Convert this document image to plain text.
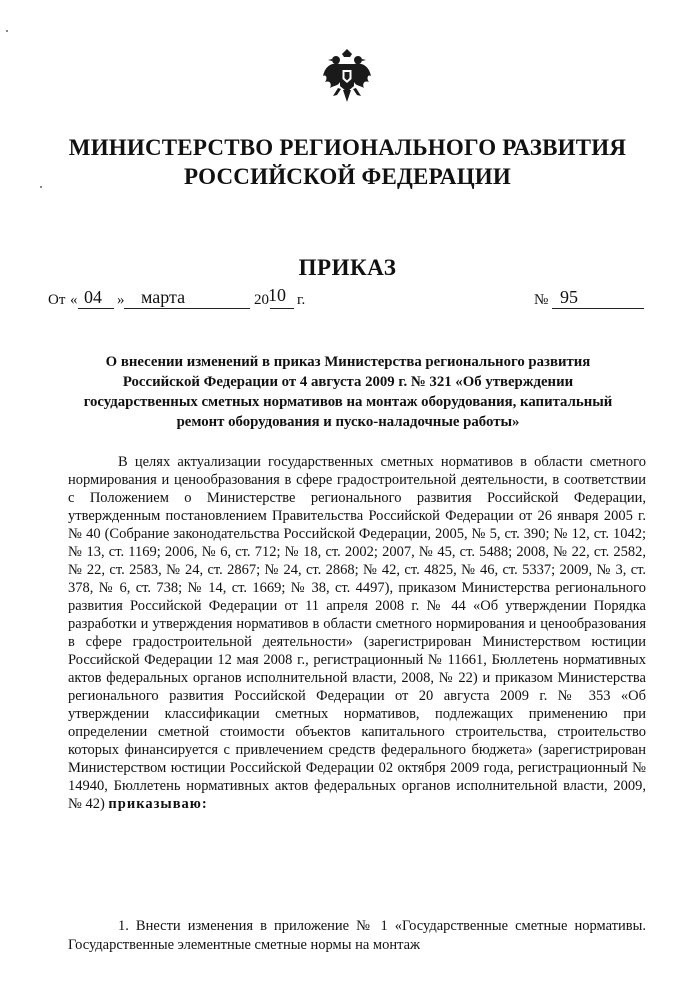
МИНИСТЕРСТВО РЕГИОНАЛЬНОГО РАЗВИТИЯ
РОССИЙСКОЙ ФЕДЕРАЦИИ
ПРИКАЗ
От « 04 » марта	20 10 г.	№ 95
О внесении изменений в приказ Министерства регионального развития Российской Федерации от 4 августа 2009 г. № 321 «Об утверждении государственных сметных нормативов на монтаж оборудования, капитальный ремонт оборудования и пуско-наладочные работы»
В целях актуализации государственных сметных нормативов в области сметного нормирования и ценообразования в сфере градостроительной деятельности, в соответствии с Положением о Министерстве регионального развития Российской Федерации, утвержденным постановлением Правительства Российской Федерации от 26 января 2005 г. № 40 (Собрание законодательства Российской Федерации, 2005, № 5, ст. 390; № 12, ст. 1042; № 13, ст. 1169; 2006, № 6, ст. 712; № 18, ст. 2002; 2007, № 45, ст. 5488; 2008, № 22, ст. 2582, № 22, ст. 2583, № 24, ст. 2867; № 24, ст. 2868; № 42, ст. 4825, № 46, ст. 5337; 2009, № 3, ст. 378, № 6, ст. 738; № 14, ст. 1669; № 38, ст. 4497), приказом Министерства регионального развития Российской Федерации от 11 апреля 2008 г. № 44 «Об утверждении Порядка разработки и утверждения нормативов в области сметного нормирования и ценообразования в сфере градостроительной деятельности» (зарегистрирован Министерством юстиции Российской Федерации 12 мая 2008 г., регистрационный № 11661, Бюллетень нормативных актов федеральных органов исполнительной власти, 2008, № 22) и приказом Министерства регионального развития Российской Федерации от 20 августа 2009 г. № 353 «Об утверждении классификации сметных нормативов, подлежащих применению при определении сметной стоимости объектов капитального строительства, строительство которых финансируется с привлечением средств федерального бюджета» (зарегистрирован Министерством юстиции Российской Федерации 02 октября 2009 года, регистрационный № 14940, Бюллетень нормативных актов федеральных органов исполнительной власти, 2009, № 42) приказываю:
1. Внести изменения в приложение № 1 «Государственные сметные нормативы. Государственные элементные сметные нормы на монтаж
